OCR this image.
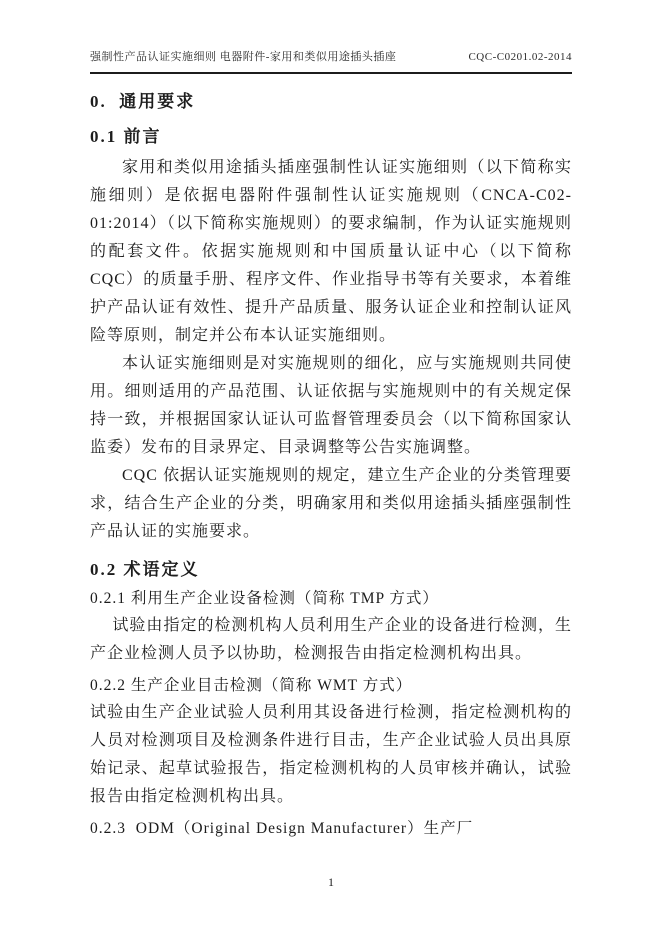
强制性产品认证实施细则 电器附件-家用和类似用途插头插座	CQC-C0201.02-2014
0.  通用要求
0.1 前言

家用和类似用途插头插座强制性认证实施细则（以下简称实施细则）是依据电器附件强制性认证实施规则（CNCA-C02-01:2014）（以下简称实施规则）的要求编制，作为认证实施规则的配套文件。依据实施规则和中国质量认证中心（以下简称 CQC）的质量手册、程序文件、作业指导书等有关要求，本着维护产品认证有效性、提升产品质量、服务认证企业和控制认证风险等原则，制定并公布本认证实施细则。

本认证实施细则是对实施规则的细化，应与实施规则共同使用。细则适用的产品范围、认证依据与实施规则中的有关规定保持一致，并根据国家认证认可监督管理委员会（以下简称国家认监委）发布的目录界定、目录调整等公告实施调整。

CQC 依据认证实施规则的规定，建立生产企业的分类管理要求，结合生产企业的分类，明确家用和类似用途插头插座强制性产品认证的实施要求。

0.2 术语定义
0.2.1 利用生产企业设备检测（简称 TMP 方式）

试验由指定的检测机构人员利用生产企业的设备进行检测，生产企业检测人员予以协助，检测报告由指定检测机构出具。

0.2.2 生产企业目击检测（简称 WMT 方式）

试验由生产企业试验人员利用其设备进行检测，指定检测机构的人员对检测项目及检测条件进行目击，生产企业试验人员出具原始记录、起草试验报告，指定检测机构的人员审核并确认，试验报告由指定检测机构出具。

0.2.3  ODM（Original Design Manufacturer）生产厂
1
